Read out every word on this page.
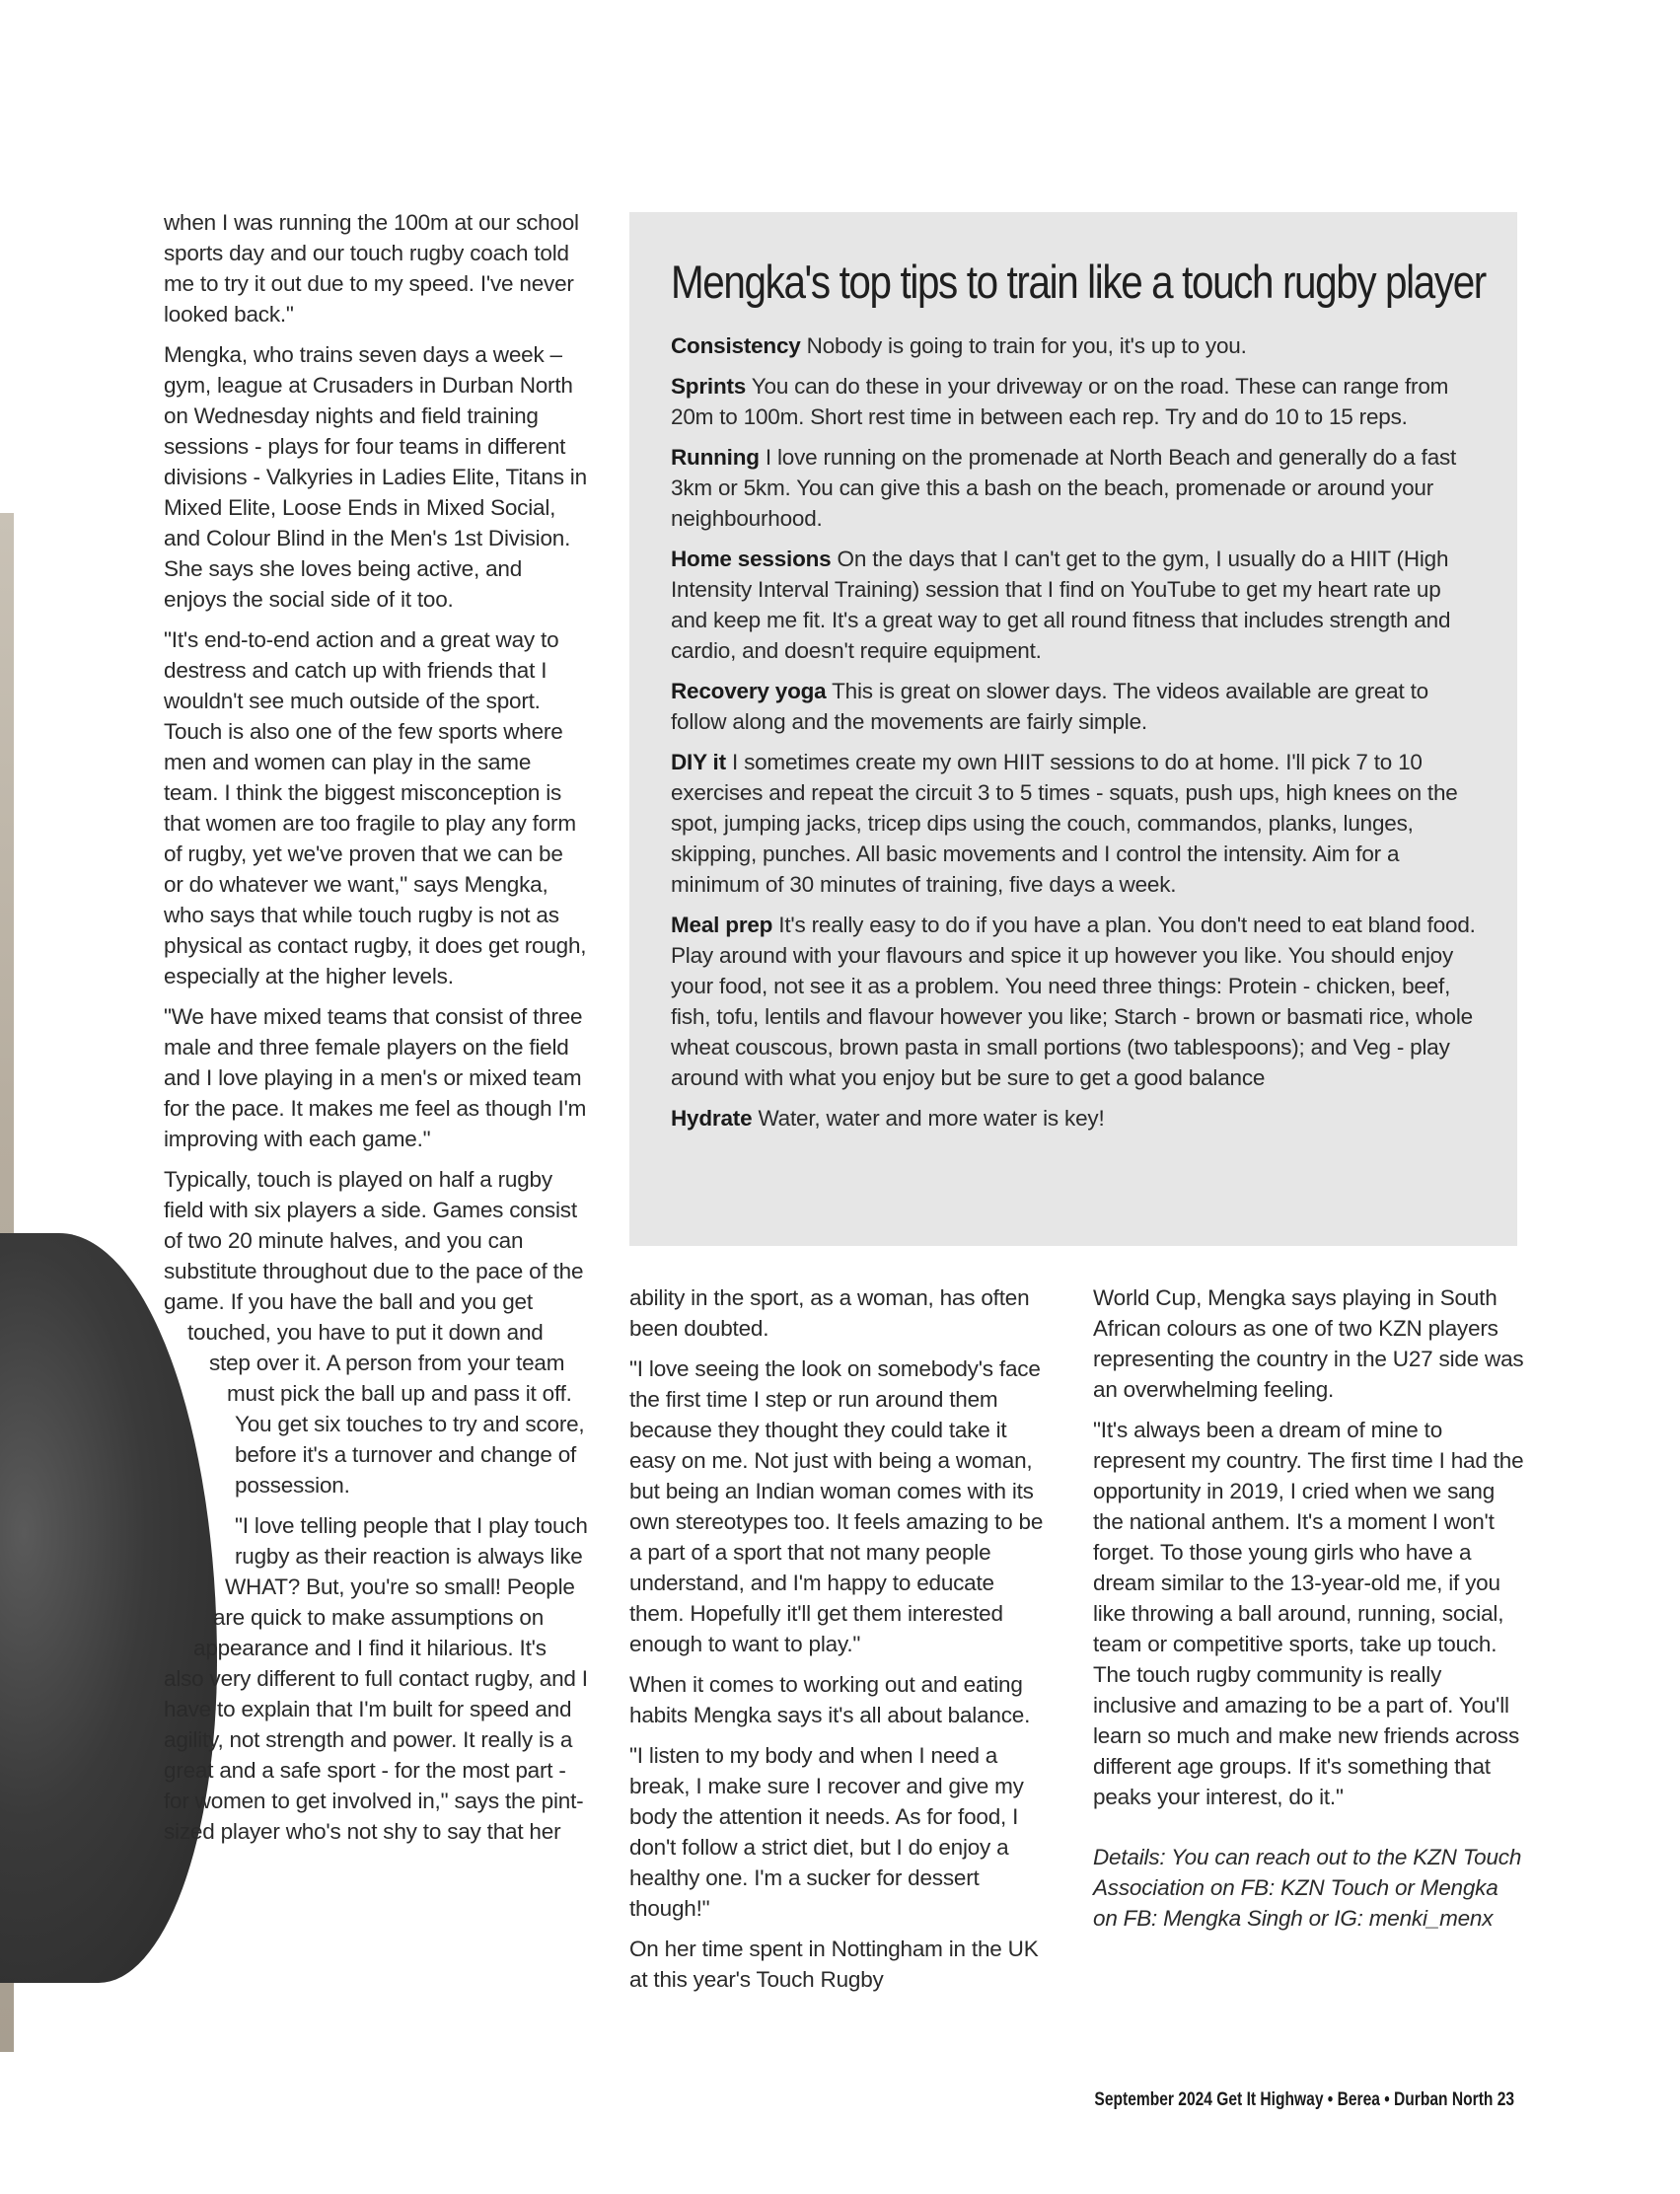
when I was running the 100m at our school sports day and our touch rugby coach told me to try it out due to my speed. I've never looked back."

Mengka, who trains seven days a week – gym, league at Crusaders in Durban North on Wednesday nights and field training sessions - plays for four teams in different divisions - Valkyries in Ladies Elite, Titans in Mixed Elite, Loose Ends in Mixed Social, and Colour Blind in the Men's 1st Division. She says she loves being active, and enjoys the social side of it too.

"It's end-to-end action and a great way to destress and catch up with friends that I wouldn't see much outside of the sport. Touch is also one of the few sports where men and women can play in the same team. I think the biggest misconception is that women are too fragile to play any form of rugby, yet we've proven that we can be or do whatever we want," says Mengka, who says that while touch rugby is not as physical as contact rugby, it does get rough, especially at the higher levels.

"We have mixed teams that consist of three male and three female players on the field and I love playing in a men's or mixed team for the pace. It makes me feel as though I'm improving with each game."

Typically, touch is played on half a rugby field with six players a side. Games consist of two 20 minute halves, and you can substitute throughout due to the pace of the game. If you have the ball and you get touched, you have to put it down and step over it. A person from your team must pick the ball up and pass it off. You get six touches to try and score, before it's a turnover and change of possession.

"I love telling people that I play touch rugby as their reaction is always like WHAT? But, you're so small! People are quick to make assumptions on appearance and I find it hilarious. It's also very different to full contact rugby, and I have to explain that I'm built for speed and agility, not strength and power. It really is a great and a safe sport - for the most part - for women to get involved in," says the pint-sized player who's not shy to say that her

Mengka's top tips to train like a touch rugby player

Consistency Nobody is going to train for you, it's up to you.

Sprints You can do these in your driveway or on the road. These can range from 20m to 100m. Short rest time in between each rep. Try and do 10 to 15 reps.

Running I love running on the promenade at North Beach and generally do a fast 3km or 5km. You can give this a bash on the beach, promenade or around your neighbourhood.

Home sessions On the days that I can't get to the gym, I usually do a HIIT (High Intensity Interval Training) session that I find on YouTube to get my heart rate up and keep me fit. It's a great way to get all round fitness that includes strength and cardio, and doesn't require equipment.

Recovery yoga This is great on slower days. The videos available are great to follow along and the movements are fairly simple.

DIY it I sometimes create my own HIIT sessions to do at home. I'll pick 7 to 10 exercises and repeat the circuit 3 to 5 times - squats, push ups, high knees on the spot, jumping jacks, tricep dips using the couch, commandos, planks, lunges, skipping, punches. All basic movements and I control the intensity. Aim for a minimum of 30 minutes of training, five days a week.

Meal prep It's really easy to do if you have a plan. You don't need to eat bland food. Play around with your flavours and spice it up however you like. You should enjoy your food, not see it as a problem. You need three things: Protein - chicken, beef, fish, tofu, lentils and flavour however you like; Starch - brown or basmati rice, whole wheat couscous, brown pasta in small portions (two tablespoons); and Veg - play around with what you enjoy but be sure to get a good balance

Hydrate Water, water and more water is key!

ability in the sport, as a woman, has often been doubted.

"I love seeing the look on somebody's face the first time I step or run around them because they thought they could take it easy on me. Not just with being a woman, but being an Indian woman comes with its own stereotypes too. It feels amazing to be a part of a sport that not many people understand, and I'm happy to educate them. Hopefully it'll get them interested enough to want to play."

When it comes to working out and eating habits Mengka says it's all about balance.

"I listen to my body and when I need a break, I make sure I recover and give my body the attention it needs. As for food, I don't follow a strict diet, but I do enjoy a healthy one. I'm a sucker for dessert though!"

On her time spent in Nottingham in the UK at this year's Touch Rugby

World Cup, Mengka says playing in South African colours as one of two KZN players representing the country in the U27 side was an overwhelming feeling.

"It's always been a dream of mine to represent my country. The first time I had the opportunity in 2019, I cried when we sang the national anthem. It's a moment I won't forget. To those young girls who have a dream similar to the 13-year-old me, if you like throwing a ball around, running, social, team or competitive sports, take up touch. The touch rugby community is really inclusive and amazing to be a part of. You'll learn so much and make new friends across different age groups. If it's something that peaks your interest, do it."

Details: You can reach out to the KZN Touch Association on FB: KZN Touch or Mengka on FB: Mengka Singh or IG: menki_menx

September 2024 Get It Highway • Berea • Durban North 23
